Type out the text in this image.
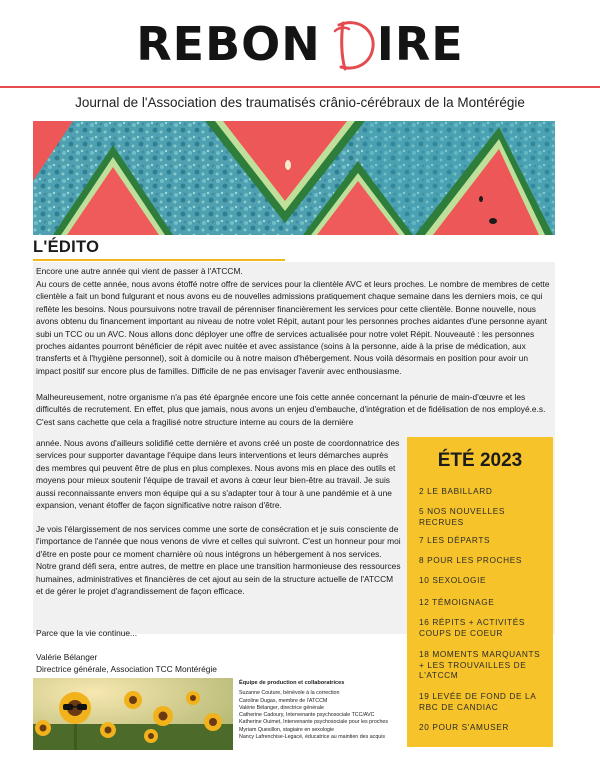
REBON IRE
Journal de l'Association des traumatisés crânio-cérébraux de la Montérégie
L'ÉDITO
Encore une autre année qui vient de passer à l'ATCCM.
Au cours de cette année, nous avons étoffé notre offre de services pour la clientèle AVC et leurs proches. Le nombre de membres de cette clientèle a fait un bond fulgurant et nous avons eu de nouvelles admissions pratiquement chaque semaine dans les derniers mois, ce qui reflète les besoins. Nous poursuivons notre travail de pérenniser financièrement les services pour cette clientèle. Bonne nouvelle, nous avons obtenu du financement important au niveau de notre volet Répit, autant pour les personnes proches aidantes d'une personne ayant subi un TCC ou un AVC. Nous allons donc déployer une offre de services actualisée pour notre volet Répit. Nouveauté : les personnes proches aidantes pourront bénéficier de répit avec nuitée et avec assistance (soins à la personne, aide à la prise de médication, aux transferts et à l'hygiène personnel), soit à domicile ou à notre maison d'hébergement. Nous voilà désormais en position pour avoir un impact positif sur encore plus de familles. Difficile de ne pas envisager l'avenir avec enthousiasme.
Malheureusement, notre organisme n'a pas été épargnée encore une fois cette année concernant la pénurie de main-d'œuvre et les difficultés de recrutement. En effet, plus que jamais, nous avons un enjeu d'embauche, d'intégration et de fidélisation de nos employé.e.s. C'est sans cachette que cela a fragilisé notre structure interne au cours de la dernière
année. Nous avons d'ailleurs solidifié cette dernière et avons créé un poste de coordonnatrice des services pour supporter davantage l'équipe dans leurs interventions et leurs démarches auprès des membres qui peuvent être de plus en plus complexes. Nous avons mis en place des outils et moyens pour mieux soutenir l'équipe de travail et avons à cœur leur bien-être au travail. Je suis aussi reconnaissante envers mon équipe qui a su s'adapter tour à tour à une pandémie et à une expansion, venant étoffer de façon significative notre raison d'être.
Je vois l'élargissement de nos services comme une sorte de consécration et je suis consciente de l'importance de l'année que nous venons de vivre et celles qui suivront. C'est un honneur pour moi d'être en poste pour ce moment charnière où nous intégrons un hébergement à nos services. Notre grand défi sera, entre autres, de mettre en place une transition harmonieuse des ressources humaines, administratives et financières de cet ajout au sein de la structure actuelle de l'ATCCM et de gérer le projet d'agrandissement de façon efficace.
Parce que la vie continue...
Valérie Bélanger
Directrice générale, Association TCC Montérégie
ÉTÉ 2023
2 LE BABILLARD
5 NOS NOUVELLES RECRUES
7 LES DÉPARTS
8 POUR LES PROCHES
10 SEXOLOGIE
12 TÉMOIGNAGE
16 RÉPITS + ACTIVITÉS COUPS DE COEUR
18 MOMENTS MARQUANTS + LES TROUVAILLES DE L'ATCCM
19 LEVÉE DE FOND DE LA RBC DE CANDIAC
20 POUR S'AMUSER
Équipe de production et collaboratrices
Suzanne Couture, bénévole à la correction
Caroline Dugas, membre de l'ATCCM
Valérie Bélanger, directrice générale
Catherine Cadoury, Intervenante psychosociale TCC/AVC
Katherine Ouimet, Intervenante psychosociale pour les proches
Myriam Quesillon, stagiaire en sexologie
Nancy Lafrenchise-Legacé, éducatrice au maintien des acquis
